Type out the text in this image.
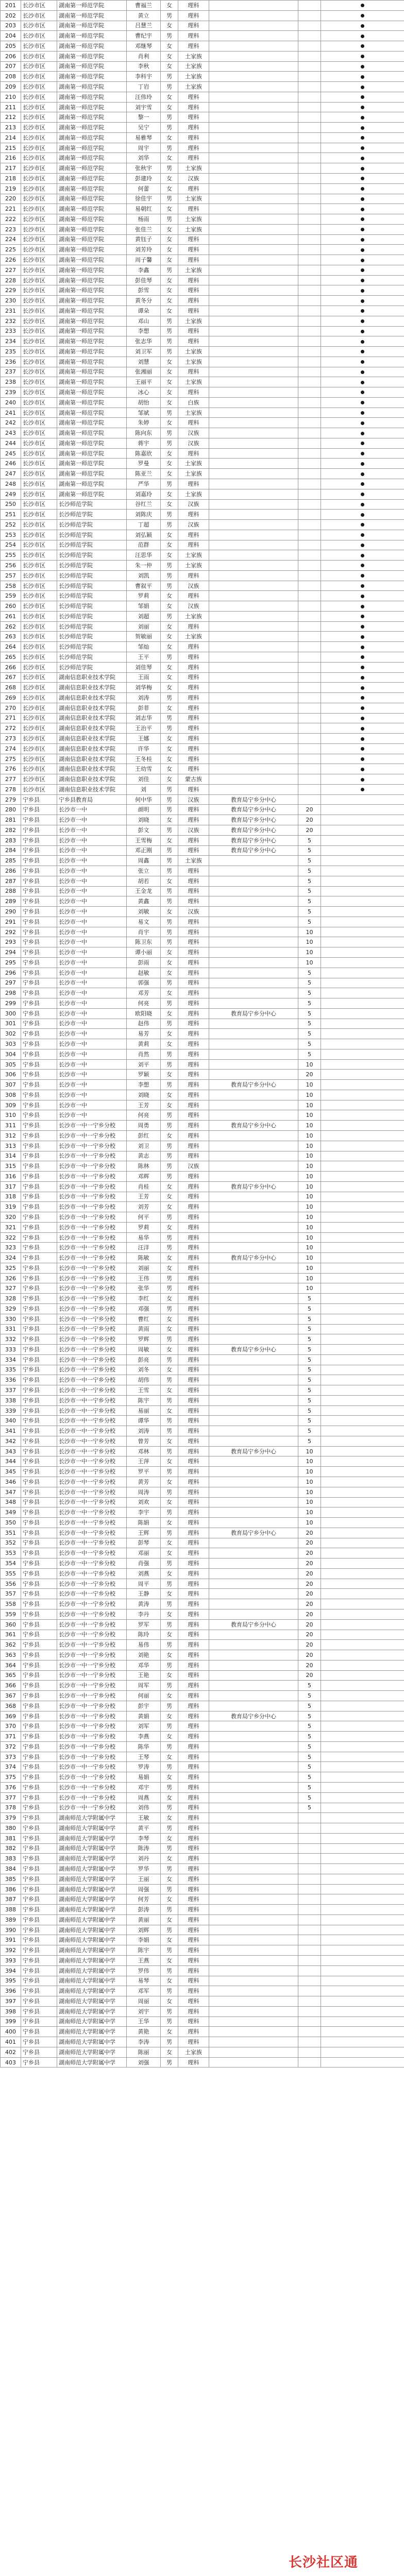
201	长沙市区	湖南第一师范学院	曹福兰	女	理科			
202	长沙市区	湖南第一师范学院	黄立	男	理科			
203	长沙市区	湖南第一师范学院	吕慧兰	女	理科			
204	长沙市区	湖南第一师范学院	曹纪宇	男	理科			
205	长沙市区	湖南第一师范学院	邓继琴	女	理科			
206	长沙市区	湖南第一师范学院	肖利	女	土家族			
207	长沙市区	湖南第一师范学院	李秋	女	土家族			
208	长沙市区	湖南第一师范学院	李科宇	男	土家族			
209	长沙市区	湖南第一师范学院	丁岩	男	土家族			
210	长沙市区	湖南第一师范学院	汪伟玲	女	理科			
211	长沙市区	湖南第一师范学院	刘宇雪	女	理科			
212	长沙市区	湖南第一师范学院	黎一	男	理科			
213	长沙市区	湖南第一师范学院	吴宁	男	理科			
214	长沙市区	湖南第一师范学院	易雅琴	女	理科			
215	长沙市区	湖南第一师范学院	周宇	男	理科			
216	长沙市区	湖南第一师范学院	刘华	女	理科			
217	长沙市区	湖南第一师范学院	张秋宇	男	土家族			
218	长沙市区	湖南第一师范学院	彭建玲	女	汉族			
219	长沙市区	湖南第一师范学院	何蕾	女	理科			
220	长沙市区	湖南第一师范学院	徐佳宇	男	土家族			
221	长沙市区	湖南第一师范学院	易朝红	女	理科			
222	长沙市区	湖南第一师范学院	杨雨	男	土家族			
223	长沙市区	湖南第一师范学院	张佳兰	女	土家族			
224	长沙市区	湖南第一师范学院	黄钰子	女	理科			
225	长沙市区	湖南第一师范学院	刘芳玲	女	理科			
226	长沙市区	湖南第一师范学院	周子馨	女	理科			
227	长沙市区	湖南第一师范学院	李鑫	男	土家族			
228	长沙市区	湖南第一师范学院	彭佳琴	女	理科			
229	长沙市区	湖南第一师范学院	彭雪	女	理科			
230	长沙市区	湖南第一师范学院	黄冬分	女	理科			
231	长沙市区	湖南第一师范学院	谭朵	女	理科			
232	长沙市区	湖南第一师范学院	邓山	男	土家族			
233	长沙市区	湖南第一师范学院	李想	男	理科			
234	长沙市区	湖南第一师范学院	张志华	男	理科			
235	长沙市区	湖南第一师范学院	刘卫军	男	土家族			
236	长沙市区	湖南第一师范学院	刘慧	女	土家族			
237	长沙市区	湖南第一师范学院	张湘丽	女	理科			
238	长沙市区	湖南第一师范学院	王丽平	女	土家族			
239	长沙市区	湖南第一师范学院	冰心	女	理科			
240	长沙市区	湖南第一师范学院	胡怡	女	白族			
241	长沙市区	湖南第一师范学院	邹斌	男	土家族			
242	长沙市区	湖南第一师范学院	朱婷	女	理科			
243	长沙市区	湖南第一师范学院	陈向东	男	汉族			
244	长沙市区	湖南第一师范学院	蒋宇	男	汉族			
245	长沙市区	湖南第一师范学院	陈嘉欣	女	理科			
246	长沙市区	湖南第一师范学院	罗曼	女	土家族			
247	长沙市区	湖南第一师范学院	陈亚兰	女	土家族			
248	长沙市区	湖南第一师范学院	严华	男	理科			
249	长沙市区	湖南第一师范学院	刘嘉玲	女	土家族			
250	长沙市区	长沙师范学院	谷红兰	女	汉族			
251	长沙市区	长沙师范学院	刘陈庆	男	理科			
252	长沙市区	长沙师范学院	丁超	男	汉族			
253	长沙市区	长沙师范学院	刘弘颖	女	理科			
254	长沙市区	长沙师范学院	范群	女	理科			
255	长沙市区	长沙师范学院	汪思华	女	土家族			
256	长沙市区	长沙师范学院	朱一仲	男	土家族			
257	长沙市区	长沙师范学院	刘凯	男	理科			
258	长沙市区	长沙师范学院	曹叙平	男	汉族			
259	长沙市区	长沙师范学院	罗莉	女	理科			
260	长沙市区	长沙师范学院	邹娟	女	汉族			
261	长沙市区	长沙师范学院	刘超	男	土家族			
262	长沙市区	长沙师范学院	刘丽	女	理科			
263	长沙市区	长沙师范学院	贺敏丽	女	土家族			
264	长沙市区	长沙师范学院	邹灿	女	理科			
265	长沙市区	长沙师范学院	王平	男	理科			
266	长沙市区	长沙师范学院	刘佳琴	女	理科			
267	长沙市区	湖南信息职业技术学院	王雨	女	理科			
268	长沙市区	湖南信息职业技术学院	刘华梅	女	理科			
269	长沙市区	湖南信息职业技术学院	刘涛	男	理科			
270	长沙市区	湖南信息职业技术学院	彭菲	女	理科			
271	长沙市区	湖南信息职业技术学院	刘志华	男	理科			
272	长沙市区	湖南信息职业技术学院	王治平	男	理科			
273	长沙市区	湖南信息职业技术学院	王娜	女	理科			
274	长沙市区	湖南信息职业技术学院	许华	女	理科			
275	长沙市区	湖南信息职业技术学院	王冬桂	女	理科			
276	长沙市区	湖南信息职业技术学院	王幼雪	女	理科			
277	长沙市区	湖南信息职业技术学院	刘佳	女	蒙古族			
278	长沙市区	湖南信息职业技术学院	刘	男	理科			
279	宁乡县	宁乡县教育局	何中华	男	汉族	教育局宁乡分中心		
280	宁乡县	长沙市一中	颜明	男	理科	教育局宁乡分中心	20	
281	宁乡县	长沙市一中	刘晓	女	理科	教育局宁乡分中心	20	
282	宁乡县	长沙市一中	彭文	男	汉族	教育局宁乡分中心	20	
283	宁乡县	长沙市一中	王雪梅	女	理科	教育局宁乡分中心	5	
284	宁乡县	长沙市一中	邓正刚	男	理科	教育局宁乡分中心	5	
285	宁乡县	长沙市一中	周鑫	男	土家族		5	
286	宁乡县	长沙市一中	张立	男	理科		5	
287	宁乡县	长沙市一中	胡若	女	理科		5	
288	宁乡县	长沙市一中	王金龙	男	理科		5	
289	宁乡县	长沙市一中	黄鑫	男	理科		5	
290	宁乡县	长沙市一中	刘敏	女	汉族		5	
291	宁乡县	长沙市一中	易文	男	理科		5	
292	宁乡县	长沙市一中	肖宇	男	理科		10	
293	宁乡县	长沙市一中	陈卫东	男	理科		10	
294	宁乡县	长沙市一中	谭小丽	女	理科		10	
295	宁乡县	长沙市一中	彭雨	女	理科		10	
296	宁乡县	长沙市一中	赵敏	女	理科		5	
297	宁乡县	长沙市一中	郭强	男	理科		5	
298	宁乡县	长沙市一中	邓芳	女	理科		5	
299	宁乡县	长沙市一中	何亮	男	理科		5	
300	宁乡县	长沙市一中	欧阳晓	女	理科	教育局宁乡分中心	5	
301	宁乡县	长沙市一中	赵伟	男	理科		5	
302	宁乡县	长沙市一中	易芳	女	理科		5	
303	宁乡县	长沙市一中	黄莉	女	理科		5	
304	宁乡县	长沙市一中	肖然	男	理科		5	
305	宁乡县	长沙市一中	刘平	男	理科		10	
306	宁乡县	长沙市一中	罗颖	女	理科		20	
307	宁乡县	长沙市一中	李想	男	理科	教育局宁乡分中心	10	
308	宁乡县	长沙市一中	刘晓	女	理科		10	
309	宁乡县	长沙市一中	王芳	女	理科		10	
310	宁乡县	长沙市一中	何亮	男	理科		10	
311	宁乡县	长沙市一中一宁乡分校	周勇	男	理科	教育局宁乡分中心	10	
312	宁乡县	长沙市一中一宁乡分校	彭红	女	理科		10	
313	宁乡县	长沙市一中一宁乡分校	刘卫	男	理科		10	
314	宁乡县	长沙市一中一宁乡分校	黄志	男	理科		10	
315	宁乡县	长沙市一中一宁乡分校	陈林	男	汉族		10	
316	宁乡县	长沙市一中一宁乡分校	邓辉	男	理科		10	
317	宁乡县	长沙市一中一宁乡分校	肖桂	女	理科	教育局宁乡分中心	10	
318	宁乡县	长沙市一中一宁乡分校	王芳	女	理科		10	
319	宁乡县	长沙市一中一宁乡分校	刘芳	女	理科		10	
320	宁乡县	长沙市一中一宁乡分校	何平	男	理科		10	
321	宁乡县	长沙市一中一宁乡分校	罗莉	女	理科		10	
322	宁乡县	长沙市一中一宁乡分校	易华	男	理科		10	
323	宁乡县	长沙市一中一宁乡分校	汪洋	男	理科		10	
324	宁乡县	长沙市一中一宁乡分校	陈敏	女	理科	教育局宁乡分中心	10	
325	宁乡县	长沙市一中一宁乡分校	刘丽	女	理科		10	
326	宁乡县	长沙市一中一宁乡分校	王伟	男	理科		10	
327	宁乡县	长沙市一中一宁乡分校	张华	男	理科		10	
328	宁乡县	长沙市一中一宁乡分校	李红	女	理科		5	
329	宁乡县	长沙市一中一宁乡分校	邓强	男	理科		5	
330	宁乡县	长沙市一中一宁乡分校	曹红	女	理科		5	
331	宁乡县	长沙市一中一宁乡分校	黄雨	女	理科		5	
332	宁乡县	长沙市一中一宁乡分校	罗辉	男	理科		5	
333	宁乡县	长沙市一中一宁乡分校	周敏	女	理科	教育局宁乡分中心	5	
334	宁乡县	长沙市一中一宁乡分校	彭亮	男	理科		5	
335	宁乡县	长沙市一中一宁乡分校	刘冬	女	理科		5	
336	宁乡县	长沙市一中一宁乡分校	胡伟	男	理科		5	
337	宁乡县	长沙市一中一宁乡分校	王雪	女	理科		5	
338	宁乡县	长沙市一中一宁乡分校	陈宇	男	理科		5	
339	宁乡县	长沙市一中一宁乡分校	易丽	女	理科		5	
340	宁乡县	长沙市一中一宁乡分校	谭华	男	理科		5	
341	宁乡县	长沙市一中一宁乡分校	刘涛	男	理科		5	
342	宁乡县	长沙市一中一宁乡分校	曾芳	女	理科		5	
343	宁乡县	长沙市一中一宁乡分校	邓林	男	理科	教育局宁乡分中心	10	
344	宁乡县	长沙市一中一宁乡分校	王萍	女	理科		10	
345	宁乡县	长沙市一中一宁乡分校	罗平	男	理科		10	
346	宁乡县	长沙市一中一宁乡分校	黄芳	女	理科		10	
347	宁乡县	长沙市一中一宁乡分校	周涛	男	理科		10	
348	宁乡县	长沙市一中一宁乡分校	刘欢	女	理科		10	
349	宁乡县	长沙市一中一宁乡分校	李宇	男	理科		10	
350	宁乡县	长沙市一中一宁乡分校	陈娟	女	理科		10	
351	宁乡县	长沙市一中一宁乡分校	王辉	男	理科	教育局宁乡分中心	20	
352	宁乡县	长沙市一中一宁乡分校	彭琴	女	理科		20	
353	宁乡县	长沙市一中一宁乡分校	邓丽	女	理科		20	
354	宁乡县	长沙市一中一宁乡分校	肖强	男	理科		20	
355	宁乡县	长沙市一中一宁乡分校	刘燕	女	理科		20	
356	宁乡县	长沙市一中一宁乡分校	周平	男	理科		20	
357	宁乡县	长沙市一中一宁乡分校	王静	女	理科		20	
358	宁乡县	长沙市一中一宁乡分校	黄涛	男	理科		20	
359	宁乡县	长沙市一中一宁乡分校	李丹	女	理科		20	
360	宁乡县	长沙市一中一宁乡分校	罗军	男	理科	教育局宁乡分中心	20	
361	宁乡县	长沙市一中一宁乡分校	陈玲	女	理科		20	
362	宁乡县	长沙市一中一宁乡分校	易伟	男	理科		20	
363	宁乡县	长沙市一中一宁乡分校	刘艳	女	理科		20	
364	宁乡县	长沙市一中一宁乡分校	邓华	男	理科		20	
365	宁乡县	长沙市一中一宁乡分校	王艳	女	理科		20	
366	宁乡县	长沙市一中一宁乡分校	周军	男	理科		5	
367	宁乡县	长沙市一中一宁乡分校	何丽	女	理科		5	
368	宁乡县	长沙市一中一宁乡分校	彭宇	男	理科		5	
369	宁乡县	长沙市一中一宁乡分校	黄娟	女	理科	教育局宁乡分中心	5	
370	宁乡县	长沙市一中一宁乡分校	刘军	男	理科		5	
371	宁乡县	长沙市一中一宁乡分校	李燕	女	理科		5	
372	宁乡县	长沙市一中一宁乡分校	陈华	男	理科		5	
373	宁乡县	长沙市一中一宁乡分校	王琴	女	理科		5	
374	宁乡县	长沙市一中一宁乡分校	罗涛	男	理科		5	
375	宁乡县	长沙市一中一宁乡分校	易娟	女	理科		5	
376	宁乡县	长沙市一中一宁乡分校	邓宇	男	理科		5	
377	宁乡县	长沙市一中一宁乡分校	周燕	女	理科		5	
378	宁乡县	长沙市一中一宁乡分校	刘伟	男	理科		5	
379	宁乡县	湖南师范大学附属中学	王敏	女	理科			
380	宁乡县	湖南师范大学附属中学	黄平	男	理科			
381	宁乡县	湖南师范大学附属中学	李琴	女	理科			
382	宁乡县	湖南师范大学附属中学	陈涛	男	理科			
383	宁乡县	湖南师范大学附属中学	刘丹	女	理科			
384	宁乡县	湖南师范大学附属中学	罗华	男	理科			
385	宁乡县	湖南师范大学附属中学	王丽	女	理科			
386	宁乡县	湖南师范大学附属中学	周强	男	理科			
387	宁乡县	湖南师范大学附属中学	何芳	女	理科			
388	宁乡县	湖南师范大学附属中学	彭涛	男	理科			
389	宁乡县	湖南师范大学附属中学	黄丽	女	理科			
390	宁乡县	湖南师范大学附属中学	刘辉	男	理科			
391	宁乡县	湖南师范大学附属中学	李娟	女	理科			
392	宁乡县	湖南师范大学附属中学	陈宇	男	理科			
393	宁乡县	湖南师范大学附属中学	王燕	女	理科			
394	宁乡县	湖南师范大学附属中学	罗伟	男	理科			
395	宁乡县	湖南师范大学附属中学	易琴	女	理科			
396	宁乡县	湖南师范大学附属中学	邓军	男	理科			
397	宁乡县	湖南师范大学附属中学	周丽	女	理科			
398	宁乡县	湖南师范大学附属中学	刘宇	男	理科			
399	宁乡县	湖南师范大学附属中学	王华	男	理科			
400	宁乡县	湖南师范大学附属中学	黄艳	女	理科			
401	宁乡县	湖南师范大学附属中学	李涛	男	理科			
402	宁乡县	湖南师范大学附属中学	陈丽	女	土家族			
403	宁乡县	湖南师范大学附属中学	刘强	男	理科			
长沙社区通
